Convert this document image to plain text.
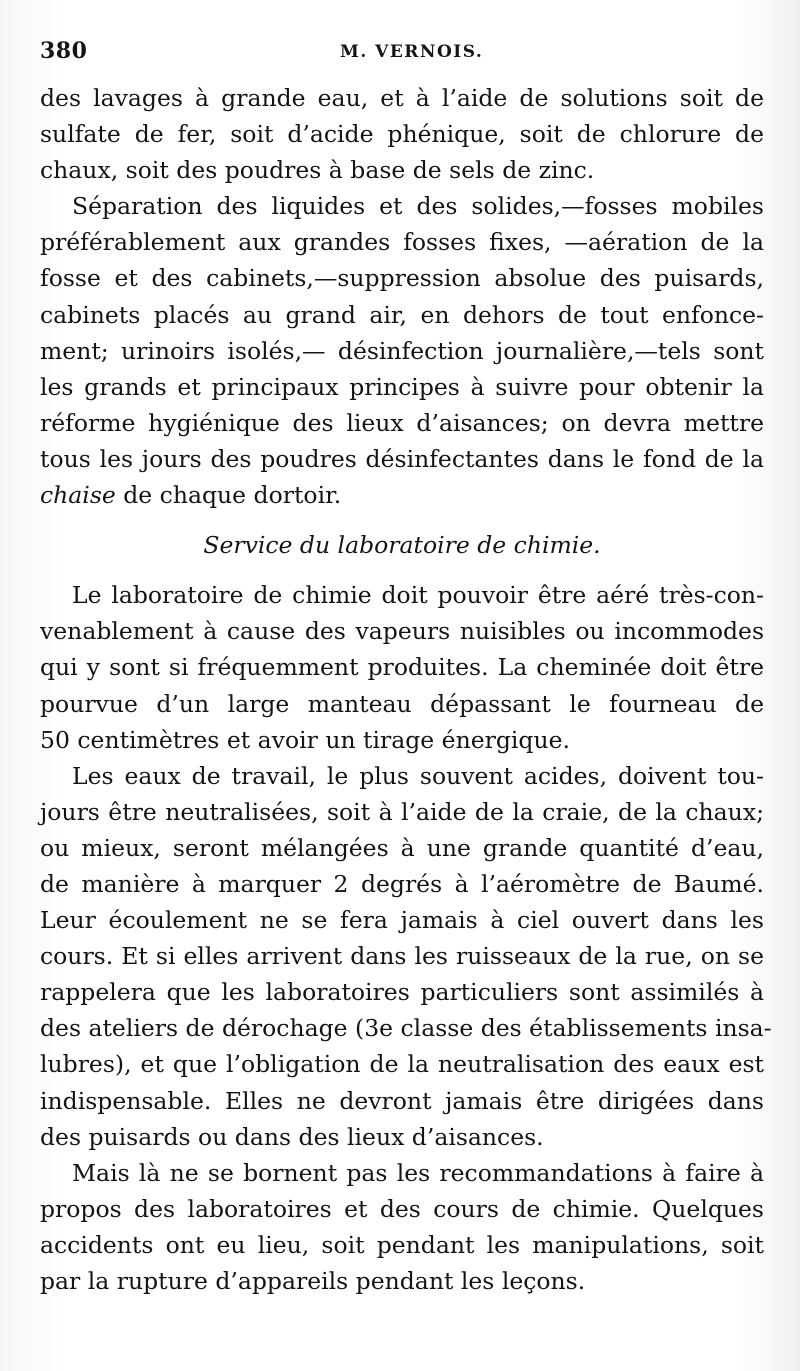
380	M. VERNOIS.
des lavages à grande eau, et à l’aide de solutions soit de
sulfate de fer, soit d’acide phénique, soit de chlorure de
chaux, soit des poudres à base de sels de zinc.
Séparation des liquides et des solides,—fosses mobiles
préférablement aux grandes fosses fixes, —aération de la
fosse et des cabinets,—suppression absolue des puisards,
cabinets placés au grand air, en dehors de tout enfonce-
ment; urinoirs isolés,— désinfection journalière,—tels sont
les grands et principaux principes à suivre pour obtenir la
réforme hygiénique des lieux d’aisances; on devra mettre
tous les jours des poudres désinfectantes dans le fond de la
chaise de chaque dortoir.
Service du laboratoire de chimie.
Le laboratoire de chimie doit pouvoir être aéré très-con-
venablement à cause des vapeurs nuisibles ou incommodes
qui y sont si fréquemment produites. La cheminée doit être
pourvue d’un large manteau dépassant le fourneau de
50 centimètres et avoir un tirage énergique.
Les eaux de travail, le plus souvent acides, doivent tou-
jours être neutralisées, soit à l’aide de la craie, de la chaux;
ou mieux, seront mélangées à une grande quantité d’eau,
de manière à marquer 2 degrés à l’aéromètre de Baumé.
Leur écoulement ne se fera jamais à ciel ouvert dans les
cours. Et si elles arrivent dans les ruisseaux de la rue, on se
rappelera que les laboratoires particuliers sont assimilés à
des ateliers de dérochage (3e classe des établissements insa-
lubres), et que l’obligation de la neutralisation des eaux est
indispensable. Elles ne devront jamais être dirigées dans
des puisards ou dans des lieux d’aisances.
Mais là ne se bornent pas les recommandations à faire à
propos des laboratoires et des cours de chimie. Quelques
accidents ont eu lieu, soit pendant les manipulations, soit
par la rupture d’appareils pendant les leçons.
